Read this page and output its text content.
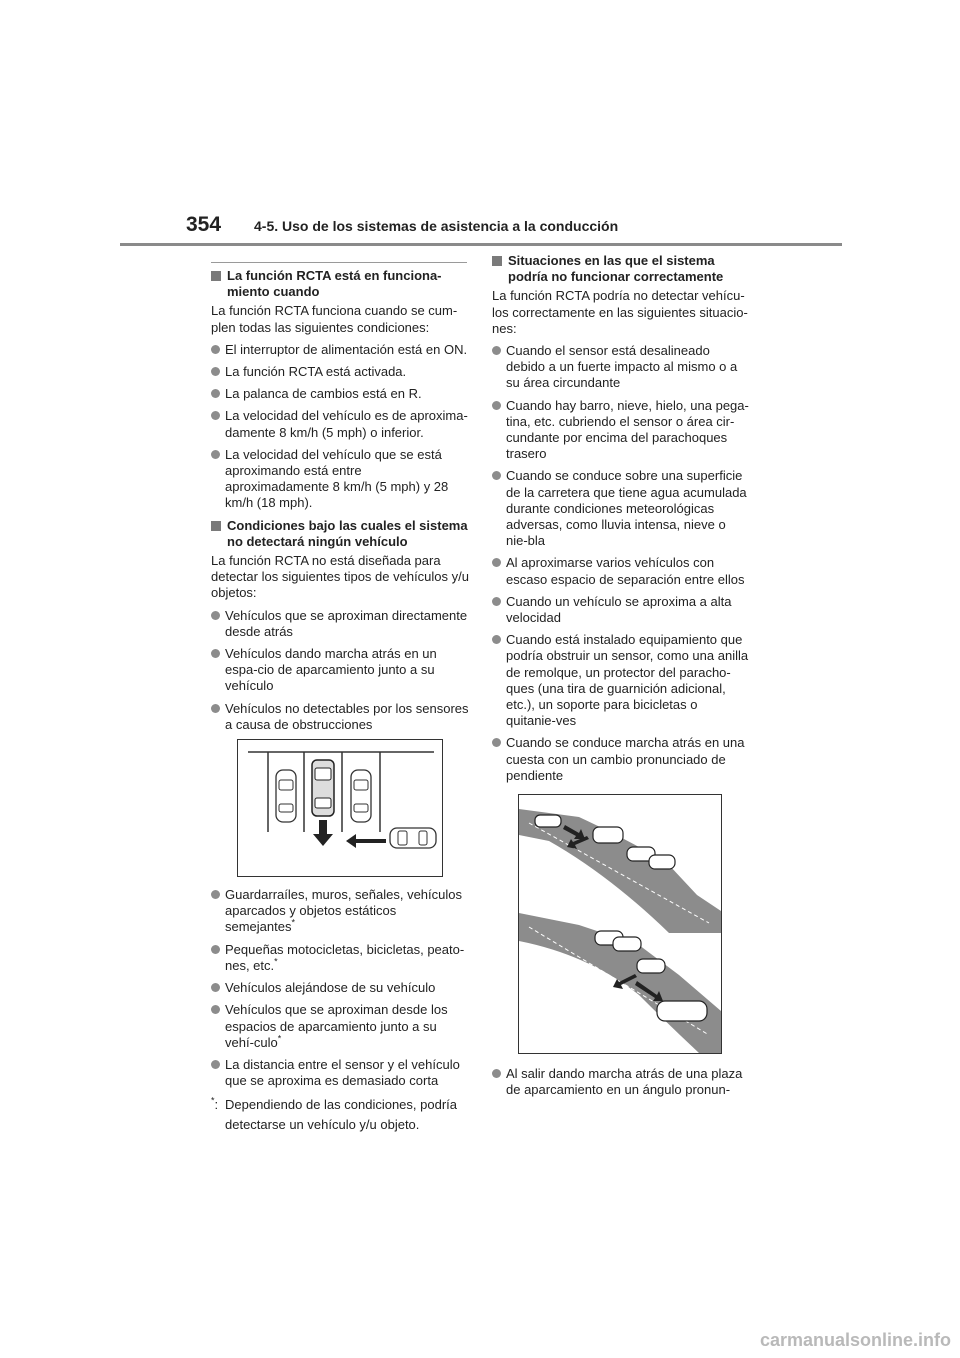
354 4-5. Uso de los sistemas de asistencia a la conducción
La función RCTA está en funciona-miento cuando

La función RCTA funciona cuando se cum-plen todas las siguientes condiciones:

El interruptor de alimentación está en ON.
La función RCTA está activada.
La palanca de cambios está en R.
La velocidad del vehículo es de aproxima-damente 8 km/h (5 mph) o inferior.
La velocidad del vehículo que se está aproximando está entre aproximadamente 8 km/h (5 mph) y 28 km/h (18 mph).
Condiciones bajo las cuales el sistema no detectará ningún vehículo

La función RCTA no está diseñada para detectar los siguientes tipos de vehículos y/u objetos:

Vehículos que se aproximan directamente desde atrás
Vehículos dando marcha atrás en un espa-cio de aparcamiento junto a su vehículo
Vehículos no detectables por los sensores a causa de obstrucciones
Guardarraíles, muros, señales, vehículos aparcados y objetos estáticos semejantes*
Pequeñas motocicletas, bicicletas, peato-nes, etc.*
Vehículos alejándose de su vehículo
Vehículos que se aproximan desde los espacios de aparcamiento junto a su vehí-culo*
La distancia entre el sensor y el vehículo que se aproxima es demasiado corta
*: Dependiendo de las condiciones, podría detectarse un vehículo y/u objeto.
Situaciones en las que el sistema podría no funcionar correctamente

La función RCTA podría no detectar vehícu-los correctamente en las siguientes situacio-nes:

Cuando el sensor está desalineado debido a un fuerte impacto al mismo o a su área circundante
Cuando hay barro, nieve, hielo, una pega-tina, etc. cubriendo el sensor o área cir-cundante por encima del parachoques trasero
Cuando se conduce sobre una superficie de la carretera que tiene agua acumulada durante condiciones meteorológicas adversas, como lluvia intensa, nieve o nie-bla
Al aproximarse varios vehículos con escaso espacio de separación entre ellos
Cuando un vehículo se aproxima a alta velocidad
Cuando está instalado equipamiento que podría obstruir un sensor, como una anilla de remolque, un protector del paracho-ques (una tira de guarnición adicional, etc.), un soporte para bicicletas o quitanie-ves
Cuando se conduce marcha atrás en una cuesta con un cambio pronunciado de pendiente
Al salir dando marcha atrás de una plaza de aparcamiento en un ángulo pronun-
carmanualsonline.info
